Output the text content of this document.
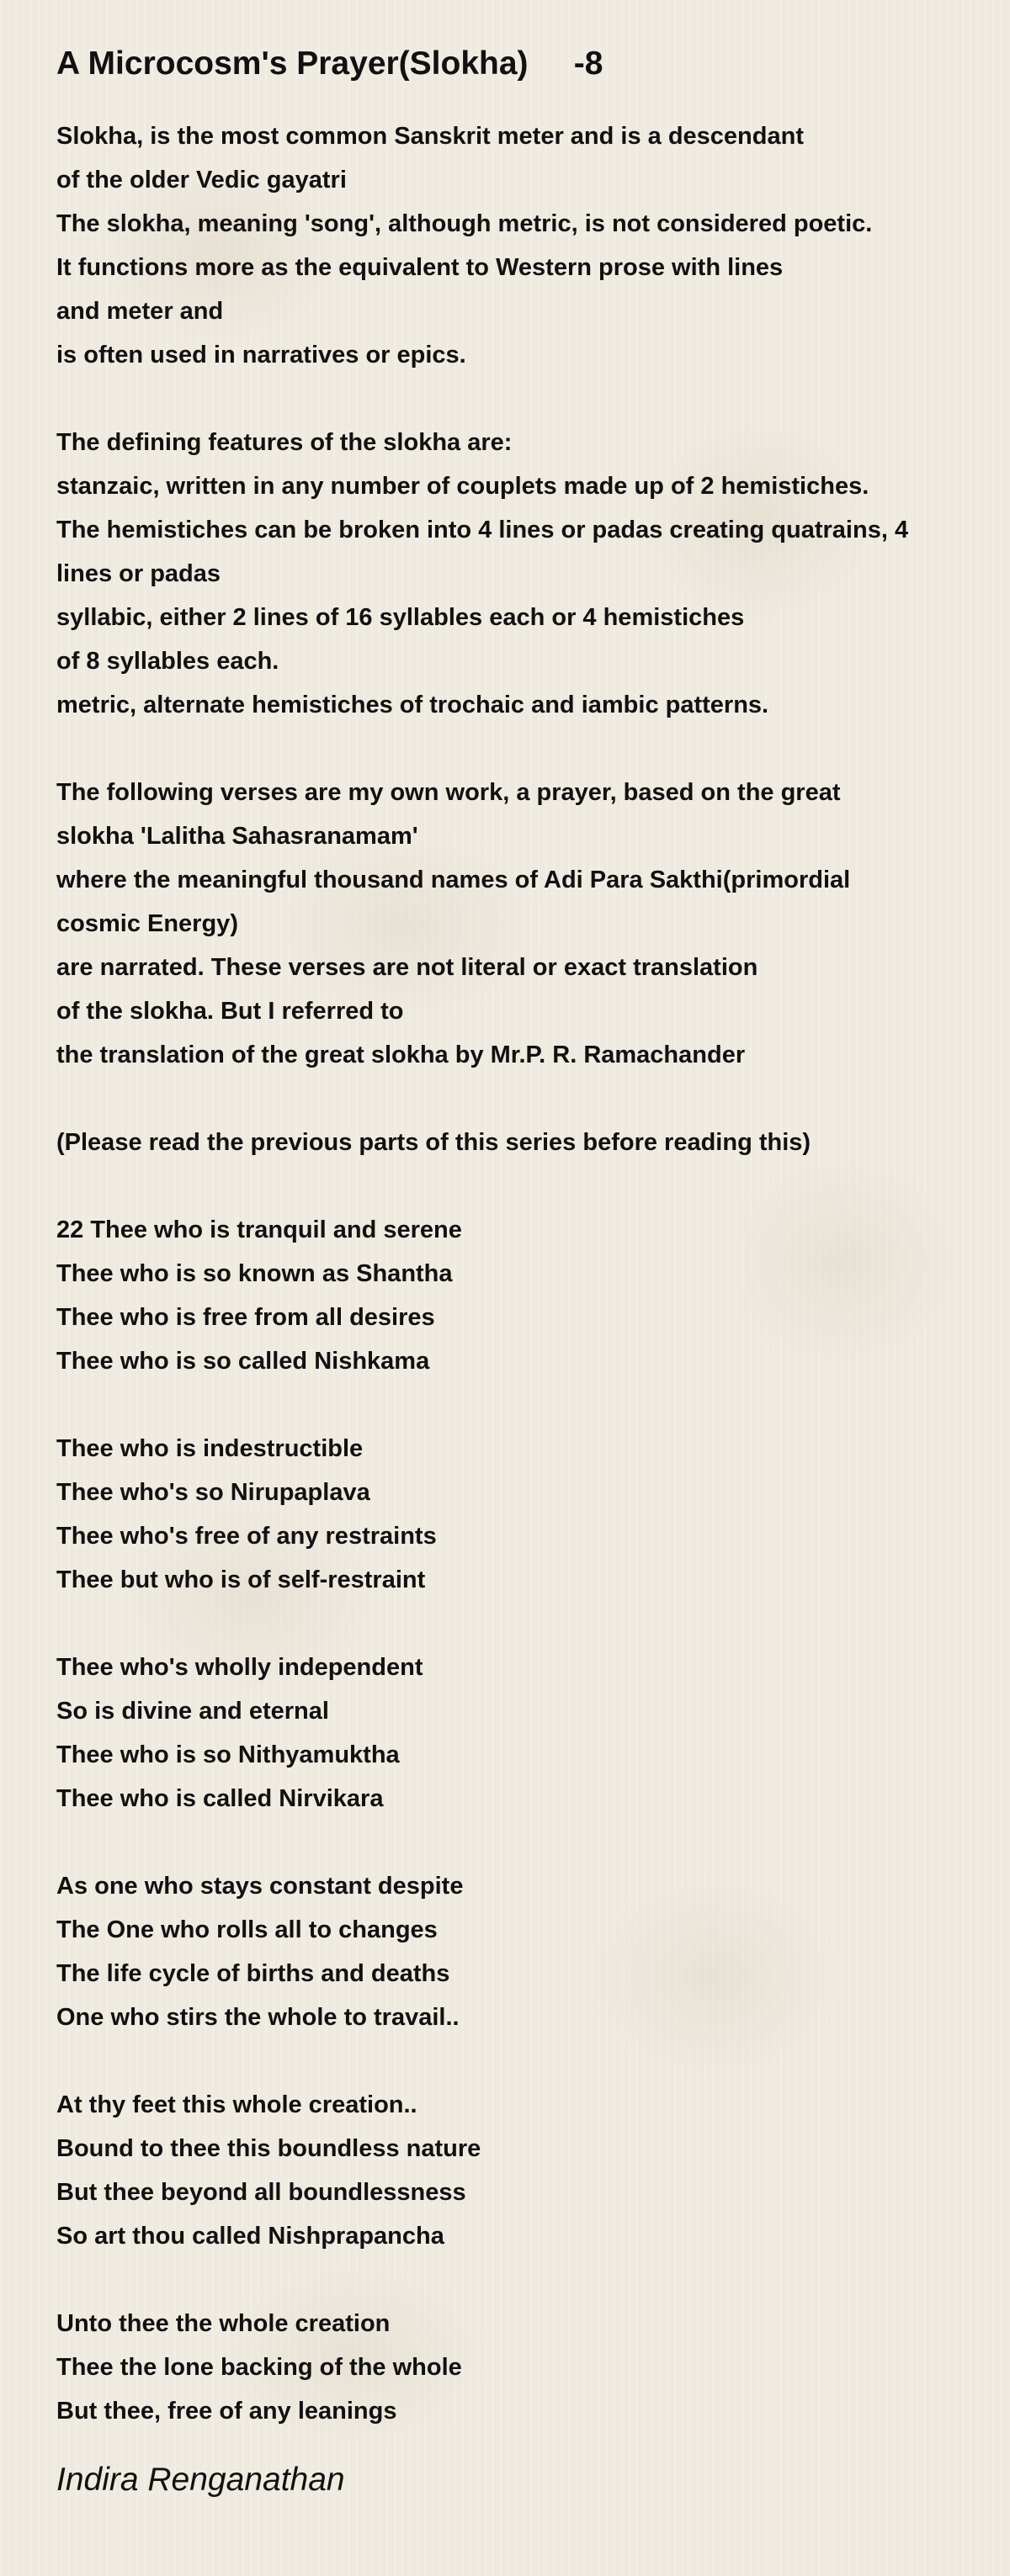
A Microcosm's Prayer(Slokha)     -8
Slokha, is the most common Sanskrit meter and is a descendant
of the older Vedic gayatri
The slokha, meaning 'song', although metric, is not considered poetic.
It functions more as the equivalent to Western prose with lines
and meter and
is often used in narratives or epics.
The defining features of the slokha are:
stanzaic, written in any number of couplets made up of 2 hemistiches.
The hemistiches can be broken into 4 lines or padas creating quatrains, 4
lines or padas
syllabic, either 2 lines of 16 syllables each or 4 hemistiches
of 8 syllables each.
metric, alternate hemistiches of trochaic and iambic patterns.
The following verses are my own work, a prayer, based on the great
slokha 'Lalitha Sahasranamam'
where the meaningful thousand names of Adi Para Sakthi(primordial
cosmic Energy)
are narrated. These verses are not literal or exact translation
of the slokha. But I referred to
the translation of the great slokha by Mr.P. R. Ramachander
(Please read the previous parts of this series before reading this)
22 Thee who is tranquil and serene
Thee who is so known as Shantha
Thee who is free from all desires
Thee who is so called Nishkama
Thee who is indestructible
Thee who's so Nirupaplava
Thee who's free of any restraints
Thee but who is of self-restraint
Thee who's wholly independent
So is divine and eternal
Thee who is so Nithyamuktha
Thee who is called Nirvikara
As one who stays constant despite
The One who rolls all to changes
The life cycle of births and deaths
One who stirs the whole to travail..
At thy feet this whole creation..
Bound to thee this boundless nature
But thee beyond all boundlessness
So art thou called Nishprapancha
Unto thee the whole creation
Thee the lone backing of the whole
But thee, free of any leanings
Indira Renganathan
